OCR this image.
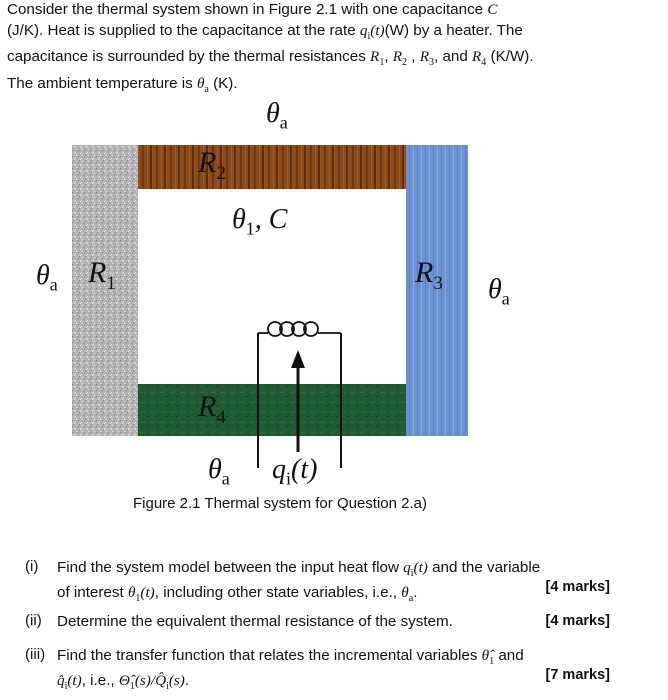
Consider the thermal system shown in Figure 2.1 with one capacitance C
(J/K). Heat is supplied to the capacitance at the rate $q_i(t)(W)$ by a heater. The
capacitance is surrounded by the thermal resistances $R_1$, $R_2$ , $R_3$, and $R_4$ (K/W).
The ambient temperature is $\theta_a$ (K).
$\theta_a$
$\theta_a$	$\theta_a$
$\theta_a$
$\theta_1$, C
$R_1$
$R_2$
$R_3$
$R_4$
$q_i(t)$
Figure 2.1 Thermal system for Question 2.a)
(i) Find the system model between the input heat flow $q_i(t)$ and the variable
of interest $\theta_1(t)$, including other state variables, i.e., $\theta_a$.	[4 marks]
(ii) Determine the equivalent thermal resistance of the system.	[4 marks]
(iii) Find the transfer function that relates the incremental variables $\thetâ_1$ and
$q̂_i(t)$, i.e., $\Thetâ_1(s)/Q̂_i(s)$.	[7 marks]
